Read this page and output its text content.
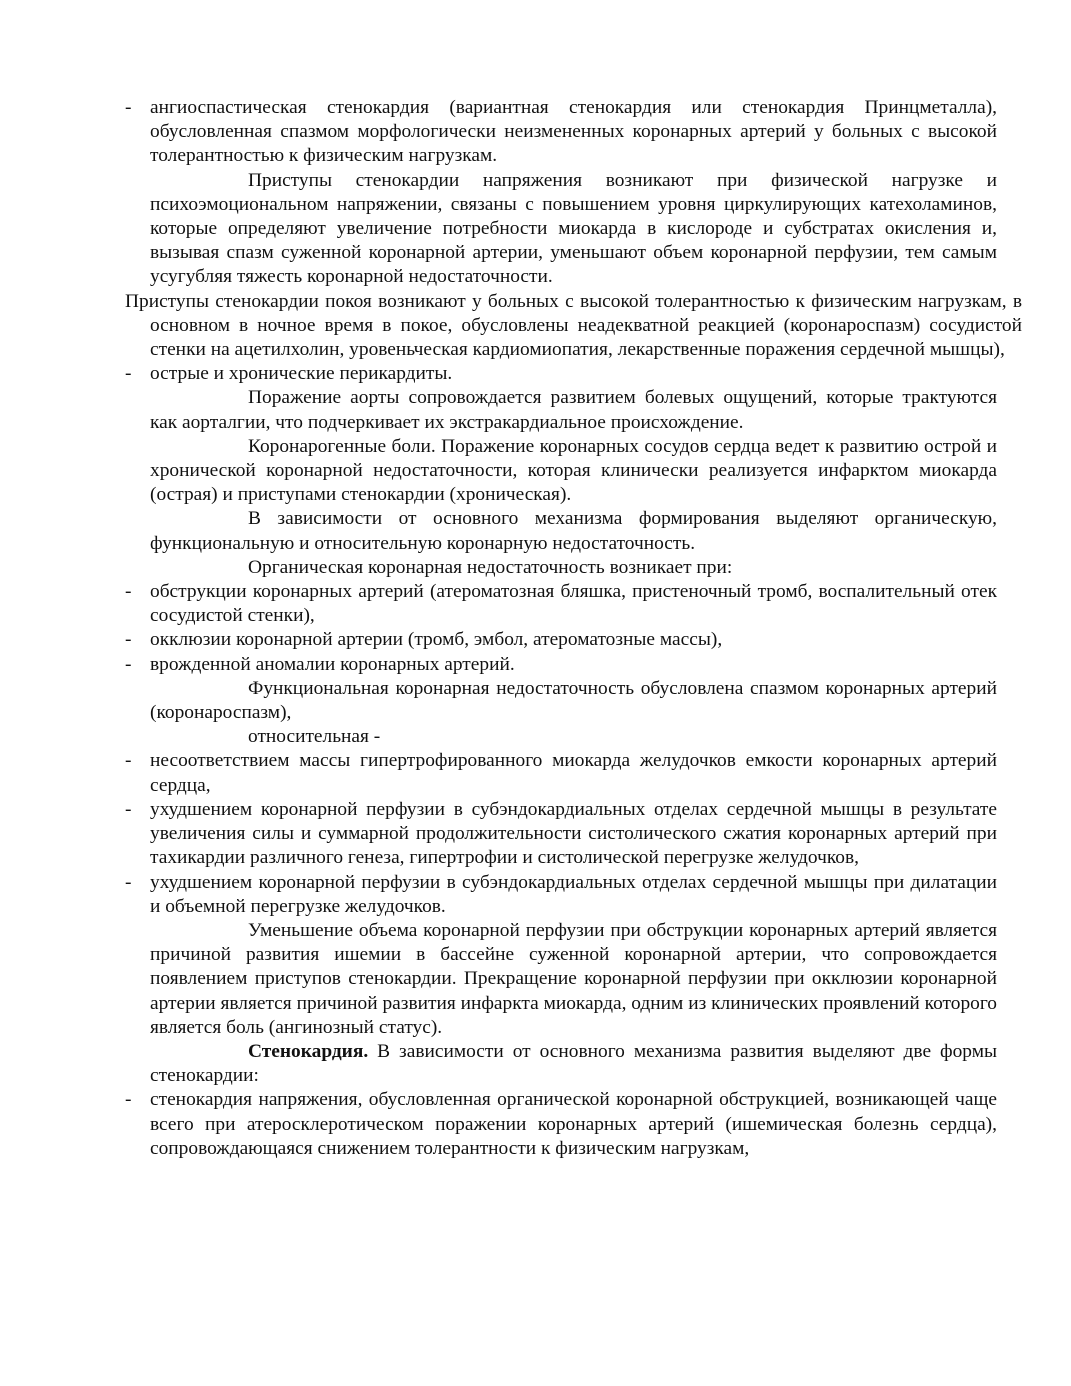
- ангиоспастическая стенокардия (вариантная стенокардия или стенокардия Принцметалла), обусловленная спазмом морфологически неизмененных коронарных артерий у больных с высокой толерантностью к физическим нагрузкам.
Приступы стенокардии напряжения возникают при физической нагрузке и психоэмоциональном напряжении, связаны с повышением уровня циркулирующих катехоламинов, которые определяют увеличение потребности миокарда в кислороде и субстратах окисления и, вызывая спазм суженной коронарной артерии, уменьшают объем коронарной перфузии, тем самым усугубляя тяжесть коронарной недостаточности.
Приступы стенокардии покоя возникают у больных с высокой толерантностью к физическим нагрузкам, в основном в ночное время в покое, обусловлены неадекватной реакцией (коронароспазм) сосудистой стенки на ацетилхолин, уровеньческая кардиомиопатия, лекарственные поражения сердечной мышцы),
- острые и хронические перикардиты.
Поражение аорты сопровождается развитием болевых ощущений, которые трактуются как аорталгии, что подчеркивает их экстракардиальное происхождение.
Коронарогенные боли. Поражение коронарных сосудов сердца ведет к развитию острой и хронической коронарной недостаточности, которая клинически реализуется инфарктом миокарда (острая) и приступами стенокардии (хроническая).
В зависимости от основного механизма формирования выделяют органическую, функциональную и относительную коронарную недостаточность.
Органическая коронарная недостаточность возникает при:
- обструкции коронарных артерий (атероматозная бляшка, пристеночный тромб, воспалительный отек сосудистой стенки),
- окклюзии коронарной артерии (тромб, эмбол, атероматозные массы),
- врожденной аномалии коронарных артерий.
Функциональная коронарная недостаточность обусловлена спазмом коронарных артерий (коронароспазм),
относительная -
- несоответствием массы гипертрофированного миокарда желудочков емкости коронарных артерий сердца,
- ухудшением коронарной перфузии в субэндокардиальных отделах сердечной мышцы в результате увеличения силы и суммарной продолжительности систолического сжатия коронарных артерий при тахикардии различного генеза, гипертрофии и систолической перегрузке желудочков,
- ухудшением коронарной перфузии в субэндокардиальных отделах сердечной мышцы при дилатации и объемной перегрузке желудочков.
Уменьшение объема коронарной перфузии при обструкции коронарных артерий является причиной развития ишемии в бассейне суженной коронарной артерии, что сопровождается появлением приступов стенокардии. Прекращение коронарной перфузии при окклюзии коронарной артерии является причиной развития инфаркта миокарда, одним из клинических проявлений которого является боль (ангинозный статус).
Стенокардия. В зависимости от основного механизма развития выделяют две формы стенокардии:
- стенокардия напряжения, обусловленная органической коронарной обструкцией, возникающей чаще всего при атеросклеротическом поражении коронарных артерий (ишемическая болезнь сердца), сопровождающаяся снижением толерантности к физическим нагрузкам,
